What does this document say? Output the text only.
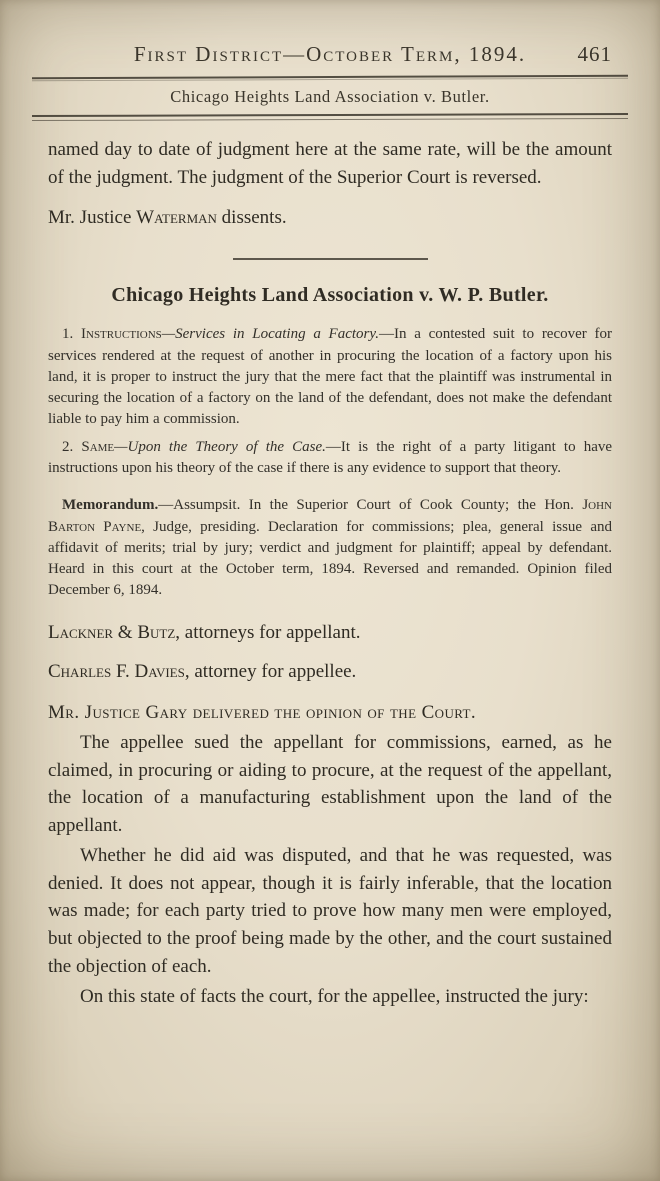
First District—October Term, 1894. 461
Chicago Heights Land Association v. Butler.

named day to date of judgment here at the same rate, will be the amount of the judgment. The judgment of the Superior Court is reversed.

Mr. Justice Waterman dissents.

Chicago Heights Land Association v. W. P. Butler.

1. Instructions—Services in Locating a Factory.—In a contested suit to recover for services rendered at the request of another in procuring the location of a factory upon his land, it is proper to instruct the jury that the mere fact that the plaintiff was instrumental in securing the location of a factory on the land of the defendant, does not make the defendant liable to pay him a commission.

2. Same—Upon the Theory of the Case.—It is the right of a party litigant to have instructions upon his theory of the case if there is any evidence to support that theory.

Memorandum.—Assumpsit. In the Superior Court of Cook County; the Hon. John Barton Payne, Judge, presiding. Declaration for commissions; plea, general issue and affidavit of merits; trial by jury; verdict and judgment for plaintiff; appeal by defendant. Heard in this court at the October term, 1894. Reversed and remanded. Opinion filed December 6, 1894.

Lackner & Butz, attorneys for appellant.

Charles F. Davies, attorney for appellee.

Mr. Justice Gary delivered the opinion of the Court.

The appellee sued the appellant for commissions, earned, as he claimed, in procuring or aiding to procure, at the request of the appellant, the location of a manufacturing establishment upon the land of the appellant.

Whether he did aid was disputed, and that he was requested, was denied. It does not appear, though it is fairly inferable, that the location was made; for each party tried to prove how many men were employed, but objected to the proof being made by the other, and the court sustained the objection of each.

On this state of facts the court, for the appellee, instructed the jury:
